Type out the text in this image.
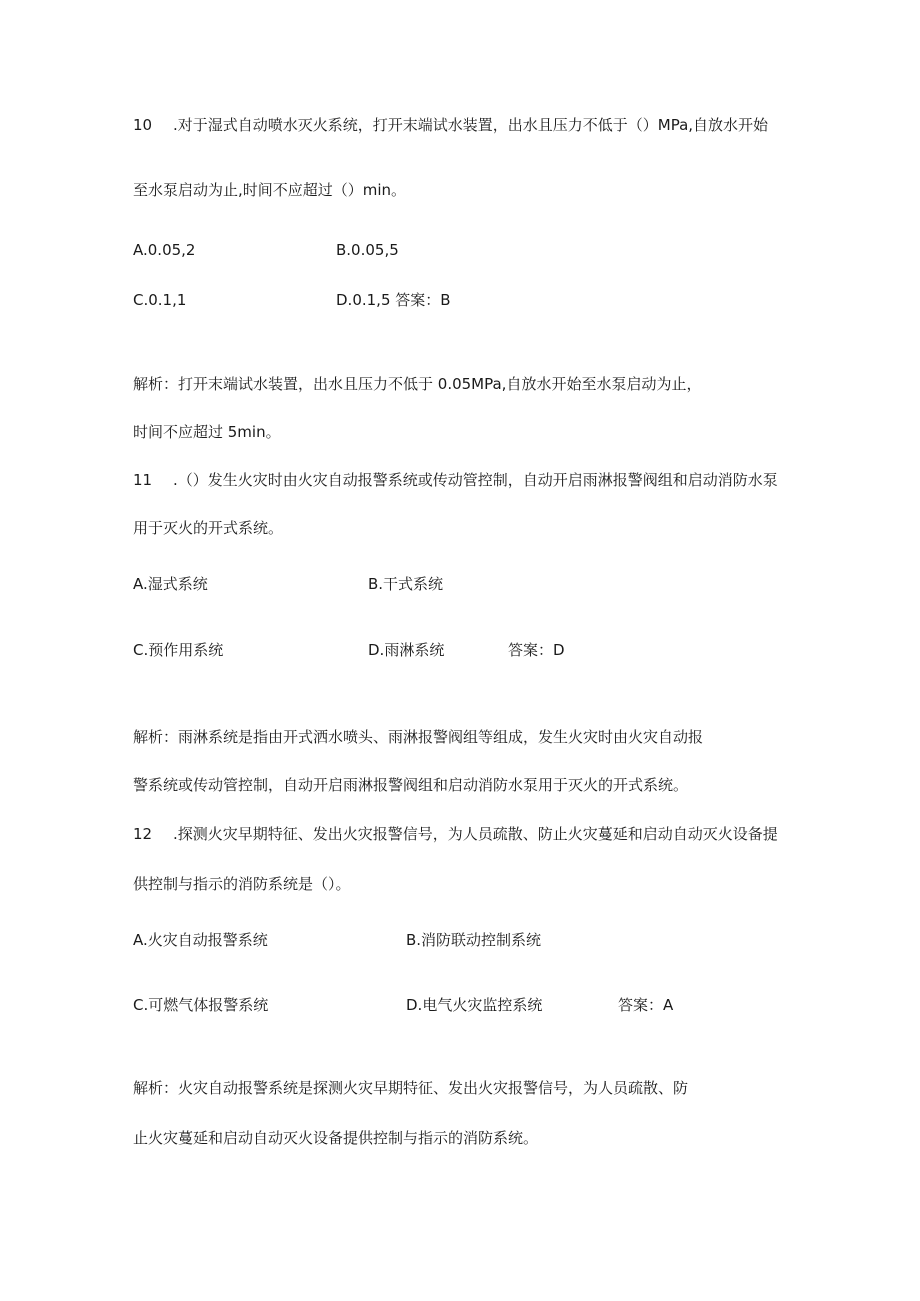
10 .对于湿式自动喷水灭火系统，打开末端试水装置，出水且压力不低于（）MPa,自放水开始
至水泵启动为止,时间不应超过（）min。
A.0.05,2	B.0.05,5
C.0.1,1	D.0.1,5 答案：B
解析：打开末端试水装置，出水且压力不低于 0.05MPa,自放水开始至水泵启动为止，
时间不应超过 5min。
11 .（）发生火灾时由火灾自动报警系统或传动管控制，自动开启雨淋报警阀组和启动消防水泵
用于灭火的开式系统。
A.湿式系统	B.干式系统
C.预作用系统	D.雨淋系统	答案：D
解析：雨淋系统是指由开式洒水喷头、雨淋报警阀组等组成，发生火灾时由火灾自动报
警系统或传动管控制，自动开启雨淋报警阀组和启动消防水泵用于灭火的开式系统。
12 .探测火灾早期特征、发出火灾报警信号，为人员疏散、防止火灾蔓延和启动自动灭火设备提
供控制与指示的消防系统是（）。
A.火灾自动报警系统	B.消防联动控制系统
C.可燃气体报警系统	D.电气火灾监控系统	答案：A
解析：火灾自动报警系统是探测火灾早期特征、发出火灾报警信号，为人员疏散、防
止火灾蔓延和启动自动灭火设备提供控制与指示的消防系统。
